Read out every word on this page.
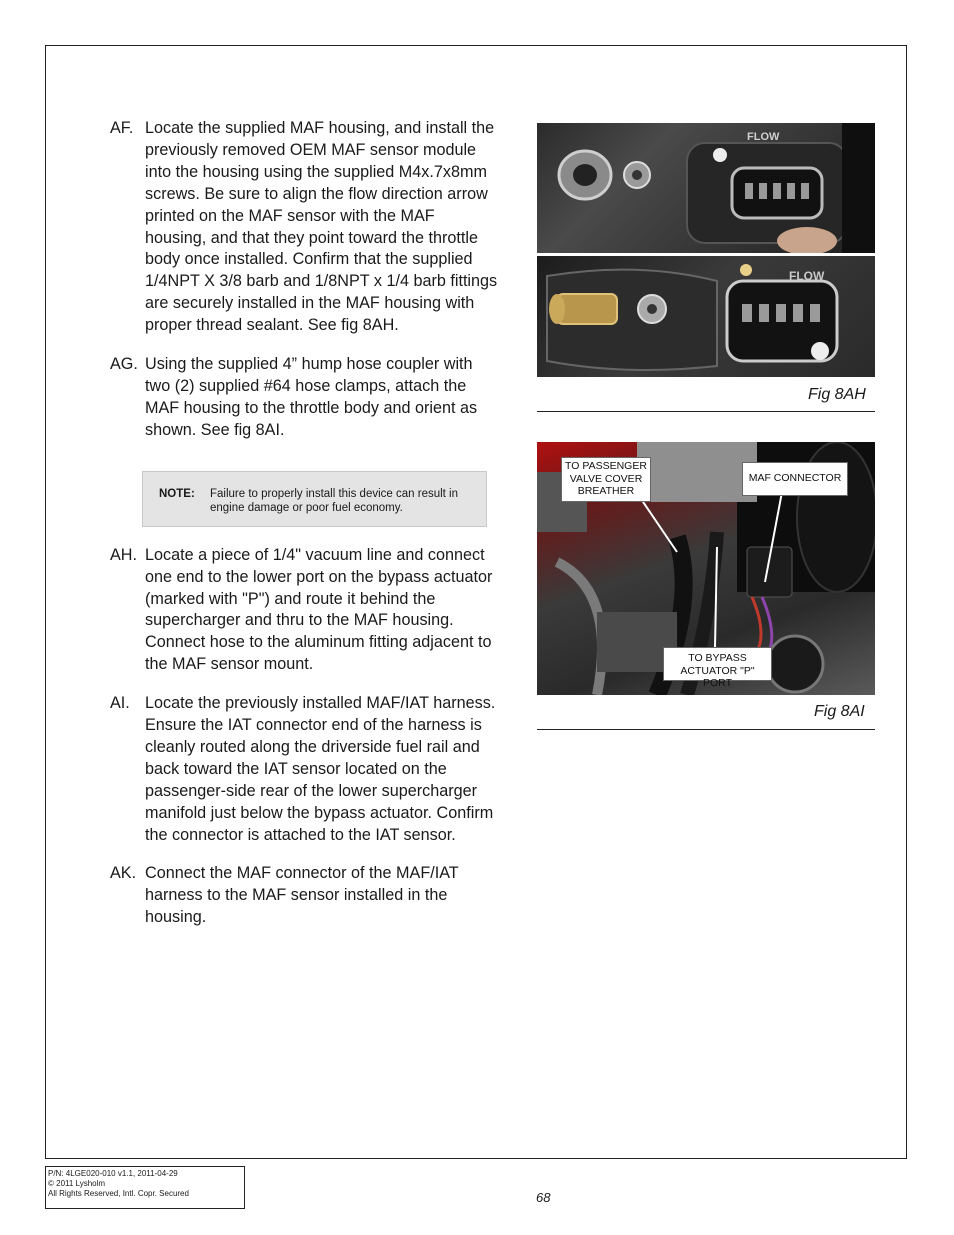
AF. Locate the supplied MAF housing, and install the previously removed OEM MAF sensor module into the housing using the supplied M4x.7x8mm screws. Be sure to align the flow direction arrow printed on the MAF sensor with the MAF housing, and that they point toward the throttle body once installed. Confirm that the supplied 1/4NPT X 3/8 barb and 1/8NPT x 1/4 barb fittings are securely installed in the MAF housing with proper thread sealant. See fig 8AH.
AG. Using the supplied 4” hump hose coupler with two (2) supplied #64 hose clamps, attach the MAF housing to the throttle body and orient as shown. See fig 8AI.
AH. Locate a piece of 1/4" vacuum line and connect one end to the lower port on the bypass actuator (marked with "P") and route it behind the supercharger and thru to the MAF housing. Connect hose to the aluminum fitting adjacent to the MAF sensor mount.
AI. Locate the previously installed MAF/IAT harness. Ensure the IAT connector end of the harness is cleanly routed along the driverside fuel rail and back toward the IAT sensor located on the passenger-side rear of the lower supercharger manifold just below the bypass actuator. Confirm the connector is attached to the IAT sensor.
AK. Connect the MAF connector of the MAF/IAT harness to the MAF sensor installed in the housing.
NOTE:	Failure to properly install this device can result in engine damage or poor fuel economy.
FLOW
FLOW
Fig 8AH
TO PASSENGER VALVE COVER BREATHER
MAF CONNECTOR
TO BYPASS ACTUATOR "P" PORT
Fig 8AI
P/N: 4LGE020-010 v1.1, 2011-04-29
© 2011 Lysholm
All Rights Reserved, Intl. Copr. Secured	68
